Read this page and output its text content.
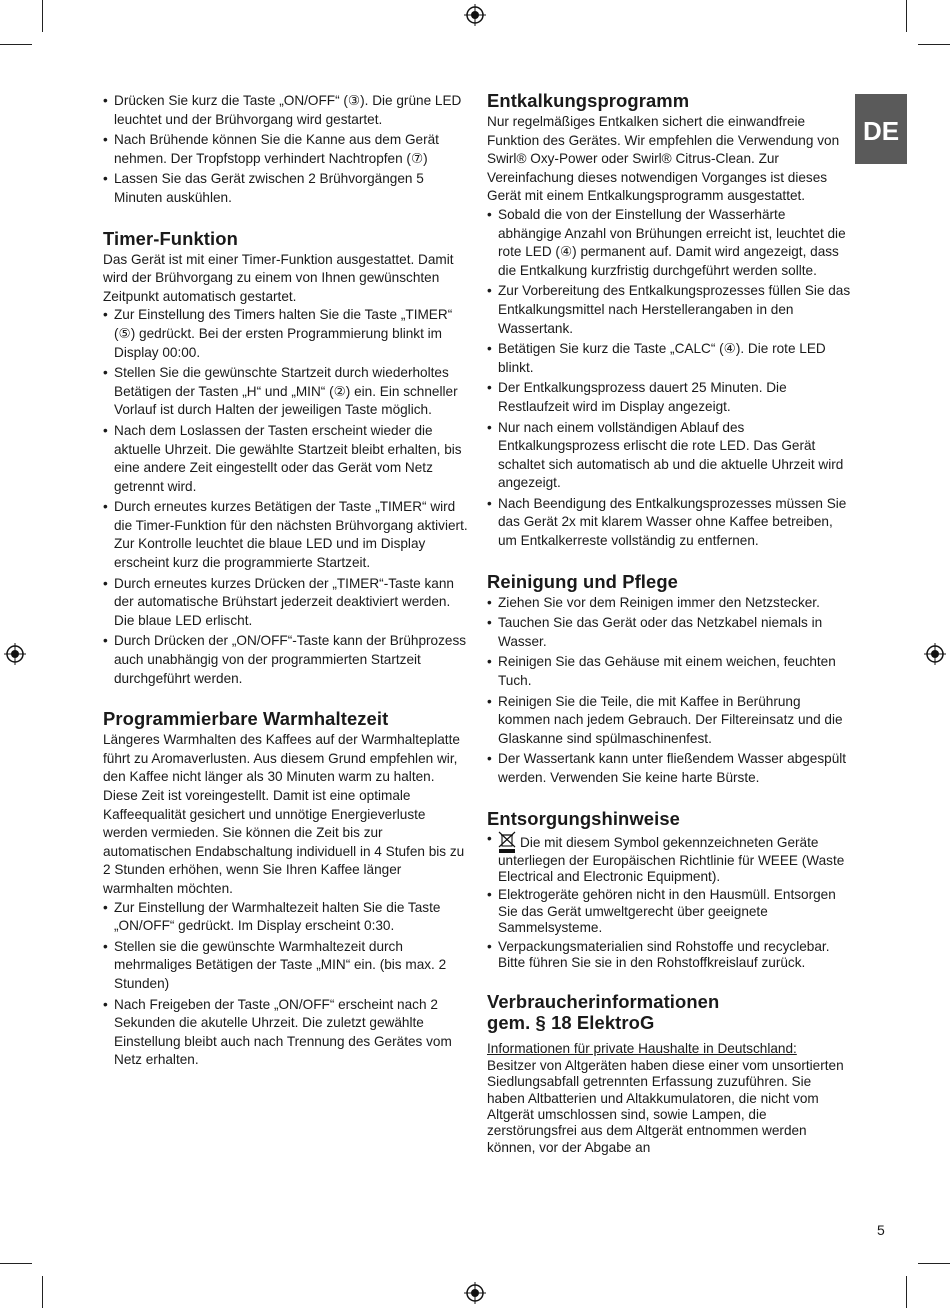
DE
5
• Drücken Sie kurz die Taste „ON/OFF“ (③). Die grüne LED leuchtet und der Brühvorgang wird gestartet.
• Nach Brühende können Sie die Kanne aus dem Gerät nehmen. Der Tropfstopp verhindert Nachtropfen (⑦)
• Lassen Sie das Gerät zwischen 2 Brühvorgängen 5 Minuten auskühlen.
Timer-Funktion

Das Gerät ist mit einer Timer-Funktion ausgestattet. Damit wird der Brühvorgang zu einem von Ihnen gewünschten Zeitpunkt automatisch gestartet.

• Zur Einstellung des Timers halten Sie die Taste „TIMER“ (⑤) gedrückt. Bei der ersten Programmierung blinkt im Display 00:00.
• Stellen Sie die gewünschte Startzeit durch wiederholtes Betätigen der Tasten „H“ und „MIN“ (②) ein. Ein schneller Vorlauf ist durch Halten der jeweiligen Taste möglich.
• Nach dem Loslassen der Tasten erscheint wieder die aktuelle Uhrzeit. Die gewählte Startzeit bleibt erhalten, bis eine andere Zeit eingestellt oder das Gerät vom Netz getrennt wird.
• Durch erneutes kurzes Betätigen der Taste „TIMER“ wird die Timer-Funktion für den nächsten Brühvorgang aktiviert. Zur Kontrolle leuchtet die blaue LED und im Display erscheint kurz die programmierte Startzeit.
• Durch erneutes kurzes Drücken der „TIMER“-Taste kann der automatische Brühstart jederzeit deaktiviert werden. Die blaue LED erlischt.
• Durch Drücken der „ON/OFF“-Taste kann der Brühprozess auch unabhängig von der programmierten Startzeit durchgeführt werden.
Programmierbare Warmhaltezeit

Längeres Warmhalten des Kaffees auf der Warmhalteplatte führt zu Aromaverlusten. Aus diesem Grund empfehlen wir, den Kaffee nicht länger als 30 Minuten warm zu halten. Diese Zeit ist voreingestellt. Damit ist eine optimale Kaffeequalität gesichert und unnötige Energieverluste werden vermieden. Sie können die Zeit bis zur automatischen Endabschaltung individuell in 4 Stufen bis zu 2 Stunden erhöhen, wenn Sie Ihren Kaffee länger warmhalten möchten.

• Zur Einstellung der Warmhaltezeit halten Sie die Taste „ON/OFF“ gedrückt. Im Display erscheint 0:30.
• Stellen sie die gewünschte Warmhaltezeit durch mehrmaliges Betätigen der Taste „MIN“ ein. (bis max. 2 Stunden)
• Nach Freigeben der Taste „ON/OFF“ erscheint nach 2 Sekunden die akutelle Uhrzeit. Die zuletzt gewählte Einstellung bleibt auch nach Trennung des Gerätes vom Netz erhalten.
Entkalkungsprogramm

Nur regelmäßiges Entkalken sichert die einwandfreie Funktion des Gerätes. Wir empfehlen die Verwendung von Swirl® Oxy-Power oder Swirl® Citrus-Clean. Zur Vereinfachung dieses notwendigen Vorganges ist dieses Gerät mit einem Entkalkungsprogramm ausgestattet.

• Sobald die von der Einstellung der Wasserhärte abhängige Anzahl von Brühungen erreicht ist, leuchtet die rote LED (④) permanent auf. Damit wird angezeigt, dass die Entkalkung kurzfristig durchgeführt werden sollte.
• Zur Vorbereitung des Entkalkungsprozesses füllen Sie das Entkalkungsmittel nach Herstellerangaben in den Wassertank.
• Betätigen Sie kurz die Taste „CALC“ (④). Die rote LED blinkt.
• Der Entkalkungsprozess dauert 25 Minuten. Die Restlaufzeit wird im Display angezeigt.
• Nur nach einem vollständigen Ablauf des Entkalkungsprozess erlischt die rote LED. Das Gerät schaltet sich automatisch ab und die aktuelle Uhrzeit wird angezeigt.
• Nach Beendigung des Entkalkungsprozesses müssen Sie das Gerät 2x mit klarem Wasser ohne Kaffee betreiben, um Entkalkerreste vollständig zu entfernen.
Reinigung und Pflege
• Ziehen Sie vor dem Reinigen immer den Netzstecker.
• Tauchen Sie das Gerät oder das Netzkabel niemals in Wasser.
• Reinigen Sie das Gehäuse mit einem weichen, feuchten Tuch.
• Reinigen Sie die Teile, die mit Kaffee in Berührung kommen nach jedem Gebrauch. Der Filtereinsatz und die Glaskanne sind spülmaschinenfest.
• Der Wassertank kann unter fließendem Wasser abgespült werden. Verwenden Sie keine harte Bürste.
Entsorgungshinweise
• Die mit diesem Symbol gekennzeichneten Geräte unterliegen der Europäischen Richtlinie für WEEE (Waste Electrical and Electronic Equipment).
• Elektrogeräte gehören nicht in den Hausmüll. Entsorgen Sie das Gerät umweltgerecht über geeignete Sammelsysteme.
• Verpackungsmaterialien sind Rohstoffe und recyclebar. Bitte führen Sie sie in den Rohstoffkreislauf zurück.
Verbraucherinformationen
gem. § 18 ElektroG

Informationen für private Haushalte in Deutschland:

Besitzer von Altgeräten haben diese einer vom unsortierten Siedlungsabfall getrennten Erfassung zuzuführen. Sie haben Altbatterien und Altakkumulatoren, die nicht vom Altgerät umschlossen sind, sowie Lampen, die zerstörungsfrei aus dem Altgerät entnommen werden können, vor der Abgabe an
